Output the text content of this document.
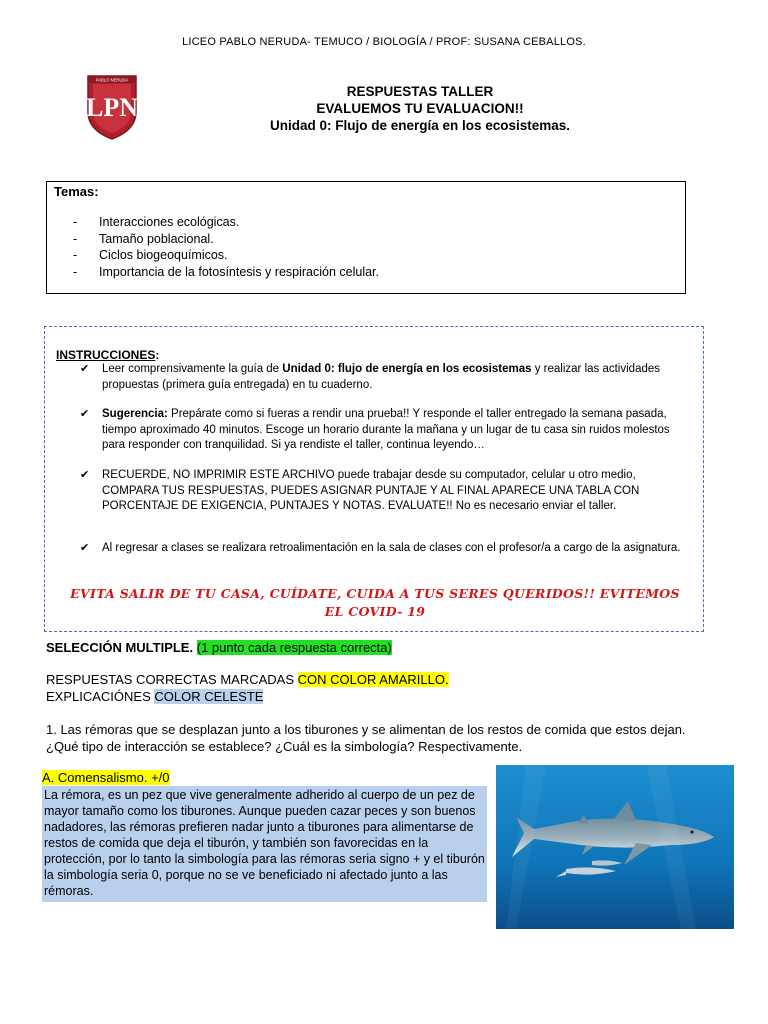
LICEO PABLO NERUDA- TEMUCO / BIOLOGÍA / PROF: SUSANA CEBALLOS.
PABLO NERUDA
LPN
RESPUESTAS TALLER
EVALUEMOS TU EVALUACION!!
Unidad 0: Flujo de energía en los ecosistemas.
Temas:
- Interacciones ecológicas.
- Tamaño poblacional.
- Ciclos biogeoquímicos.
- Importancia de la fotosíntesis y respiración celular.
INSTRUCCIONES:
✔ Leer comprensivamente la guía de Unidad 0: flujo de energía en los ecosistemas y realizar las actividades propuestas (primera guía entregada) en tu cuaderno.
✔ Sugerencia: Prepárate como si fueras a rendir una prueba!! Y responde el taller entregado la semana pasada, tiempo aproximado 40 minutos. Escoge un horario durante la mañana y un lugar de tu casa sin ruidos molestos para responder con tranquilidad. Si ya rendiste el taller, continua leyendo…
✔ RECUERDE, NO IMPRIMIR ESTE ARCHIVO puede trabajar desde su computador, celular u otro medio, COMPARA TUS RESPUESTAS, PUEDES ASIGNAR PUNTAJE Y AL FINAL APARECE UNA TABLA CON PORCENTAJE DE EXIGENCIA, PUNTAJES Y NOTAS. EVALUATE!! No es necesario enviar el taller.
✔ Al regresar a clases se realizara retroalimentación en la sala de clases con el profesor/a a cargo de la asignatura.
EVITA SALIR DE TU CASA, CUÍDATE, CUIDA A TUS SERES QUERIDOS!! EVITEMOS EL COVID- 19
SELECCIÓN MULTIPLE. (1 punto cada respuesta correcta)
RESPUESTAS CORRECTAS MARCADAS CON COLOR AMARILLO.
EXPLICACIÓNES COLOR CELESTE
1. Las rémoras que se desplazan junto a los tiburones y se alimentan de los restos de comida que estos dejan. ¿Qué tipo de interacción se establece? ¿Cuál es la simbología? Respectivamente.
A. Comensalismo. +/0
La rémora, es un pez que vive generalmente adherido al cuerpo de un pez de mayor tamaño como los tiburones. Aunque pueden cazar peces y son buenos nadadores, las rémoras prefieren nadar junto a tiburones para alimentarse de restos de comida que deja el tiburón, y también son favorecidas en la protección, por lo tanto la simbología para las rémoras seria signo + y el tiburón la simbología seria 0, porque no se ve beneficiado ni afectado junto a las rémoras.
